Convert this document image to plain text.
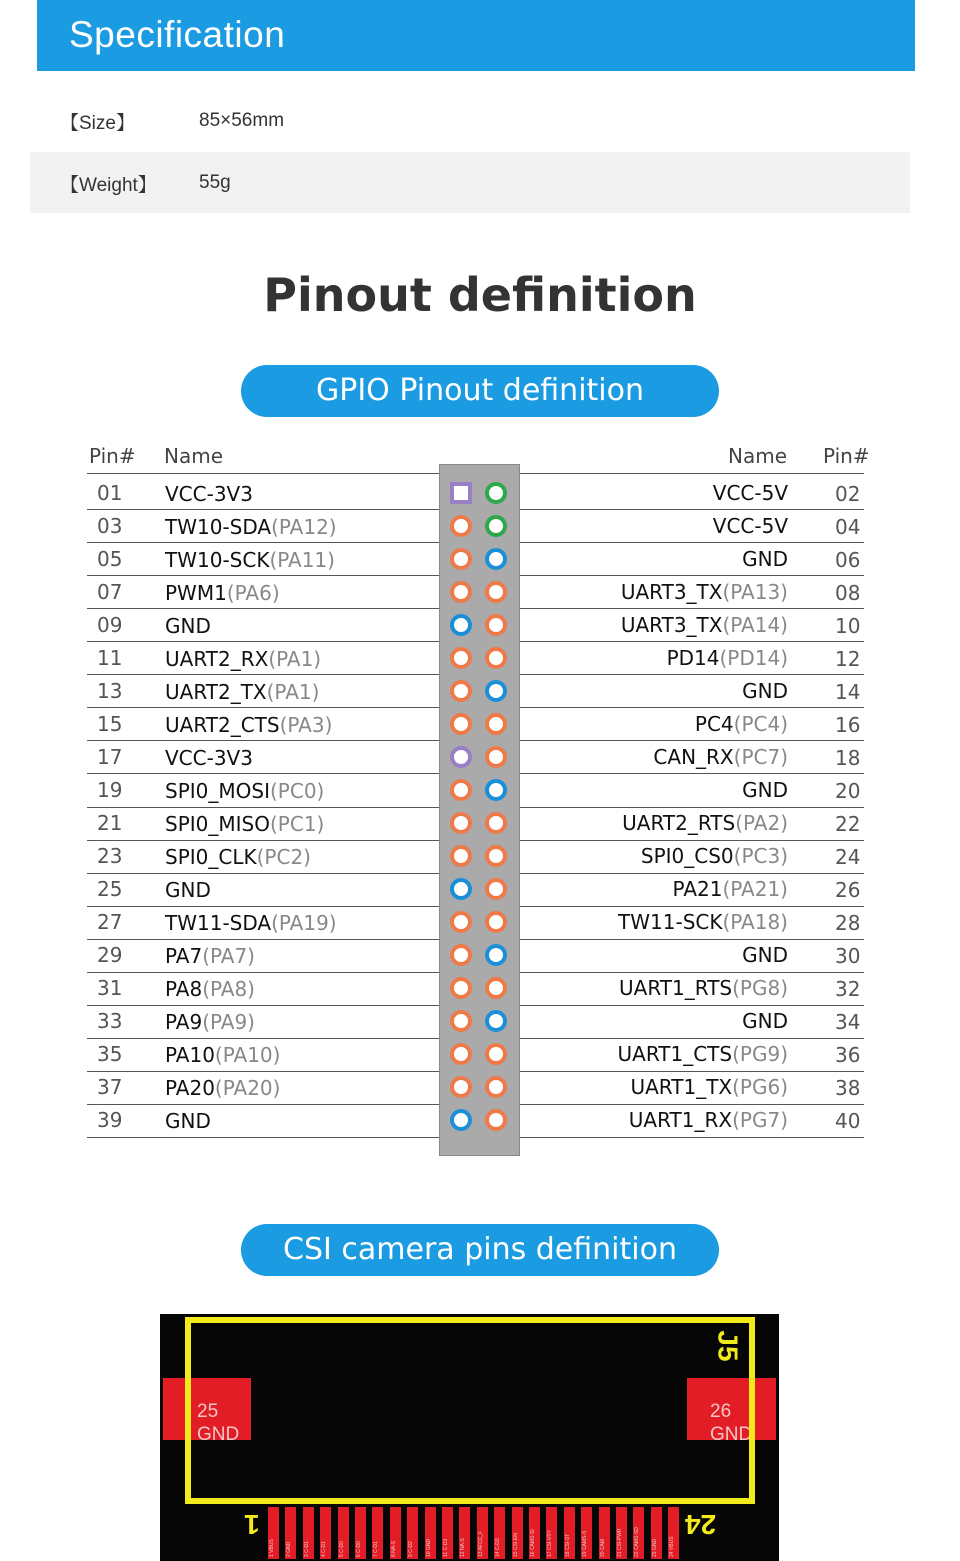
Specification
【Size】	85×56mm
【Weight】 55g
Pinout definition
GPIO Pinout definition
Pin# Name	Name Pin#
01 VCC-3V3	VCC-5V 02
03 TW10-SDA(PA12)	VCC-5V 04
05 TW10-SCK(PA11)	GND 06
07 PWM1(PA6)	UART3_TX(PA13) 08
09 GND	UART3_TX(PA14) 10
11 UART2_RX(PA1)	PD14(PD14) 12
13 UART2_TX(PA1)	GND 14
15 UART2_CTS(PA3)	PC4(PC4) 16
17 VCC-3V3	CAN_RX(PC7) 18
19 SPI0_MOSI(PC0)	GND 20
21 SPI0_MISO(PC1)	UART2_RTS(PA2) 22
23 SPI0_CLK(PC2)	SPI0_CS0(PC3) 24
25 GND	PA21(PA21) 26
27 TW11-SDA(PA19)	TW11-SCK(PA18) 28
29 PA7(PA7)	GND 30
31 PA8(PA8)	UART1_RTS(PG8) 32
33 PA9(PA9)	GND 34
35 PA10(PA10)	UART1_CTS(PG9) 36
37 PA20(PA20)	UART1_TX(PG6) 38
39 GND	UART1_RX(PG7) 40
CSI camera pins definition
25
GND
26
GND
J5
1	24
1 VBUS	2 GND	3 C-D1	4 C-D1	5 C-D0	6 C-D0	7 C-D1	8 NA-S	9 C-D2	10 GND	11 C-D3	12 NA-S	13 AFCC_F	14 C-D3	15 CSI-EN	16 CAMS-SI	17 CSI-VSY	18 CSI-ST	19 CAMS-S	20 CAM	21 CSI-PWR	22 CAMS-SD	23 GND	24 VBUS
